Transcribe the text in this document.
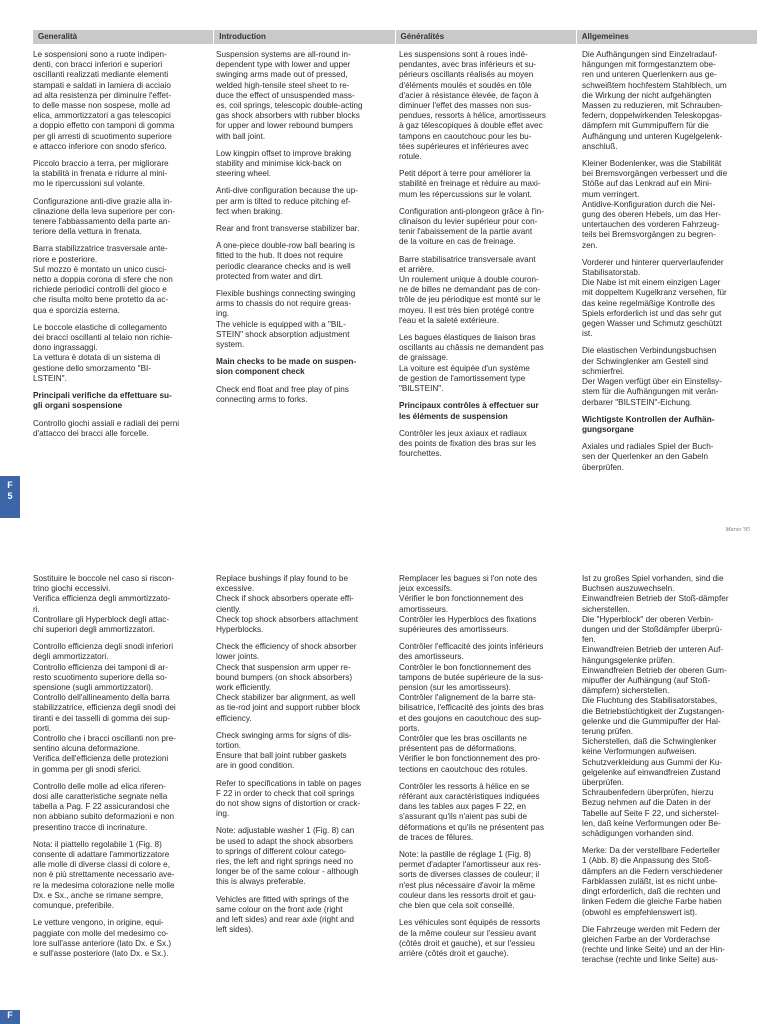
Generalità	Introduction	Généralités	Allgemeines

Le sospensioni sono a ruote indipen-

denti, con bracci inferiori e superiori

oscillanti realizzati mediante elementi

stampati e saldati in lamiera di acciaio

ad alta resistenza per diminuire l'effet-

to delle masse non sospese, molle ad

elica, ammortizzatori a gas telescopici

a doppio effetto con tamponi di gomma

per gli arresti di scuotimento superiore

e attacco inferiore con snodo sferico.

Piccolo braccio a terra, per migliorare

la stabilità in frenata e ridurre al mini-

mo le ripercussioni sul volante.

Configurazione anti-dive grazie alla in-

clinazione della leva superiore per con-

tenere l'abbassamento della parte an-

teriore della vettura in frenata.

Barra stabilizzatrice trasversale ante-

riore e posteriore.

Sul mozzo è montato un unico cusci-

netto a doppia corona di sfere che non

richiede periodici controlli del gioco e

che risulta molto bene protetto da ac-

qua e sporcizia esterna.

Le boccole elastiche di collegamento

dei bracci oscillanti al telaio non richie-

dono ingrassaggi.

La vettura è dotata di un sistema di

gestione dello smorzamento "BI-

LSTEIN".

Principali verifiche da effettuare su-

gli organi sospensione

Controllo giochi assiali e radiali dei perni

d'attacco dei bracci alle forcelle.

Suspension systems are all-round in-

dependent type with lower and upper

swinging arms made out of pressed,

welded high-tensile steel sheet to re-

duce the effect of unsuspended mass-

es, coil springs, telescopic double-acting

gas shock absorbers with rubber blocks

for upper and lower rebound bumpers

with ball joint.

Low kingpin offset to improve braking

stability and minimise kick-back on

steering wheel.

Anti-dive configuration because the up-

per arm is tilted to reduce pitching ef-

fect when braking.

Rear and front transverse stabilizer bar.

A one-piece double-row ball bearing is

fitted to the hub. It does not require

periodic clearance checks and is well

protected from water and dirt.

Flexible bushings connecting swinging

arms to chassis do not require greas-

ing.

The vehicle is equipped with a "BIL-

STEIN" shock absorption adjustment

system.

Main checks to be made on suspen-

sion component check

Check end float and free play of pins

connecting arms to forks.

Les suspensions sont à roues indé-

pendantes, avec bras inférieurs et su-

périeurs oscillants réalisés au moyen

d'éléments moulés et soudés en tôle

d'acier à résistance élevée, de façon à

diminuer l'effet des masses non sus-

pendues, ressorts à hélice, amortisseurs

à gaz télescopiques à double effet avec

tampons en caoutchouc pour les bu-

tées supérieures et inférieures avec

rotule.

Petit déport à terre pour améliorer la

stabilité en freinage et réduire au maxi-

mum les répercussions sur le volant.

Configuration anti-plongeon grâce à l'in-

clinaison du levier supérieur pour con-

tenir l'abaissement de la partie avant

de la voiture en cas de freinage.

Barre stabilisatrice transversale avant

et arrière.

Un roulement unique à double couron-

ne de billes ne demandant pas de con-

trôle de jeu périodique est monté sur le

moyeu. Il est très bien protégé contre

l'eau et la saleté extérieure.

Les bagues élastiques de liaison bras

oscillants au châssis ne demandent pas

de graissage.

La voiture est équipée d'un système

de gestion de l'amortissement type

"BILSTEIN".

Principaux contrôles à effectuer sur

les éléments de suspension

Contrôler les jeux axiaux et radiaux

des points de fixation des bras sur les

fourchettes.

Die Aufhängungen sind Einzelradauf-

hängungen mit formgestanztem obe-

ren und unteren Querlenkern aus ge-

schweißtem hochfestem Stahlblech, um

die Wirkung der nicht aufgehängten

Massen zu reduzieren, mit Schrauben-

federn, doppelwirkenden Teleskopgas-

dämpfern mit Gummipuffern für die

Aufhängung und unteren Kugelgelenk-

anschluß.

Kleiner Bodenlenker, was die Stabilität

bei Bremsvorgängen verbessert und die

Stöße auf das Lenkrad auf ein Mini-

mum verringert.

Antidive-Konfiguration durch die Nei-

gung des oberen Hebels, um das Her-

untertauchen des vorderen Fahrzeug-

teils bei Bremsvorgängen zu begren-

zen.

Vorderer und hinterer querverlaufender

Stabilisatorstab.

Die Nabe ist mit einem einzigen Lager

mit doppeltem Kugelkranz versehen, für

das keine regelmäßige Kontrolle des

Spiels erforderlich ist und das sehr gut

gegen Wasser und Schmutz geschützt

ist.

Die elastischen Verbindungsbuchsen

der Schwinglenker am Gestell sind

schmierfrei.

Der Wagen verfügt über ein Einstellsy-

stem für die Aufhängungen mit verän-

derbarer "BILSTEIN"-Eichung.

Wichtigste Kontrollen der Aufhän-

gungsorgane

Axiales und radiales Spiel der Buch-

sen der Querlenker an den Gabeln

überprüfen.

F
5
Marzo '95

Sostituire le boccole nel caso si riscon-

trino giochi eccessivi.

Verifica efficienza degli ammortizzato-

ri.

Controllare gli Hyperblock degli attac-

chi superiori degli ammortizzatori.

Controllo efficienza degli snodi inferiori

degli ammortizzatori.

Controllo efficienza dei tamponi di ar-

resto scuotimento superiore della so-

spensione (sugli ammortizzatori).

Controllo dell'allineamento della barra

stabilizzatrice, efficienza degli snodi dei

tiranti e dei tasselli di gomma dei sup-

porti.

Controllo che i bracci oscillanti non pre-

sentino alcuna deformazione.

Verifica dell'efficienza delle protezioni

in gomma per gli snodi sferici.

Controllo delle molle ad elica riferen-

dosi alle caratteristiche segnate nella

tabella a Pag. F 22 assicurandosi che

non abbiano subito deformazioni e non

presentino tracce di incrinature.

Nota: il piattello regolabile 1 (Fig. 8)

consente di adattare l'ammortizzatore

alle molle di diverse classi di colore e,

non è più strettamente necessario ave-

re la medesima colorazione nelle molle

Dx. e Sx., anche se rimane sempre,

comunque, preferibile.

Le vetture vengono, in origine, equi-

paggiate con molle del medesimo co-

lore sull'asse anteriore (lato Dx. e Sx.)

e sull'asse posteriore (lato Dx. e Sx.).

Replace bushings if play found to be

excessive.

Check if shock absorbers operate effi-

ciently.

Check top shock absorbers attachment

Hyperblocks.

Check the efficiency of shock absorber

lower joints.

Check that suspension arm upper re-

bound bumpers (on shock absorbers)

work efficiently.

Check stabilizer bar alignment, as well

as tie-rod joint and support rubber block

efficiency.

Check swinging arms for signs of dis-

tortion.

Ensure that ball joint rubber gaskets

are in good condition.

Refer to specifications in table on pages

F 22 in order to check that coil springs

do not show signs of distortion or crack-

ing.

Note: adjustable washer 1 (Fig. 8) can

be used to adapt the shock absorbers

to springs of different colour catego-

ries, the left and right springs need no

longer be of the same colour - although

this is always preferable.

Vehicles are fitted with springs of the

same colour on the front axle (right

and left sides) and rear axle (right and

left sides).

Remplacer les bagues si l'on note des

jeux excessifs.

Vérifier le bon fonctionnement des

amortisseurs.

Contrôler les Hyperblocs des fixations

supérieures des amortisseurs.

Contrôler l'efficacité des joints inférieurs

des amortisseurs.

Contrôler le bon fonctionnement des

tampons de butée supérieure de la sus-

pension (sur les amortisseurs).

Contrôler l'alignement de la barre sta-

bilisatrice, l'efficacité des joints des bras

et des goujons en caoutchouc des sup-

ports.

Contrôler que les bras oscillants ne

présentent pas de déformations.

Vérifier le bon fonctionnement des pro-

tections en caoutchouc des rotules.

Contrôler les ressorts à hélice en se

référant aux caractéristiques indiquées

dans les tables aux pages F 22, en

s'assurant qu'ils n'aient pas subi de

déformations et qu'ils ne présentent pas

de traces de fêlures.

Note: la pastille de réglage 1 (Fig. 8)

permet d'adapter l'amortisseur aux res-

sorts de diverses classes de couleur; il

n'est plus nécessaire d'avoir la même

couleur dans les ressorts droit et gau-

che bien que cela soit conseillé.

Les véhicules sont équipés de ressorts

de la même couleur sur l'essieu avant

(côtés droit et gauche), et sur l'essieu

arrière (côtés droit et gauche).

Ist zu großes Spiel vorhanden, sind die

Buchsen auszuwechseln.

Einwandfreien Betrieb der Stoß-dämpfer

sicherstellen.

Die "Hyperblock" der oberen Verbin-

dungen und der Stoßdämpfer überprü-

fen.

Einwandfreien Betrieb der unteren Auf-

hängungsgelenke prüfen.

Einwandfreien Betrieb der oberen Gum-

mipuffer der Aufhängung (auf Stoß-

dämpfern) sicherstellen.

Die Fluchtung des Stabilisatorstabes,

die Betriebstüchtigkeit der Zugstangen-

gelenke und die Gummipuffer der Hal-

terung prüfen.

Sicherstellen, daß die Schwinglenker

keine Verformungen aufweisen.

Schutzverkleidung aus Gummi der Ku-

gelgelenke auf einwandfreien Zustand

überprüfen.

Schraubenfedern überprüfen, hierzu

Bezug nehmen auf die Daten in der

Tabelle auf Seite F 22, und sicherstel-

len, daß keine Verformungen oder Be-

schädigungen vorhanden sind.

Merke: Da der verstellbare Federteller

1 (Abb. 8) die Anpassung des Stoß-

dämpfers an die Federn verschiedener

Farbklassen zuläßt, ist es nicht unbe-

dingt erforderlich, daß die rechten und

linken Federn die gleiche Farbe haben

(obwohl es empfehlenswert ist).

Die Fahrzeuge werden mit Federn der

gleichen Farbe an der Vorderachse

(rechte und linke Seite) und an der Hin-

terachse (rechte und linke Seite) aus-

F
